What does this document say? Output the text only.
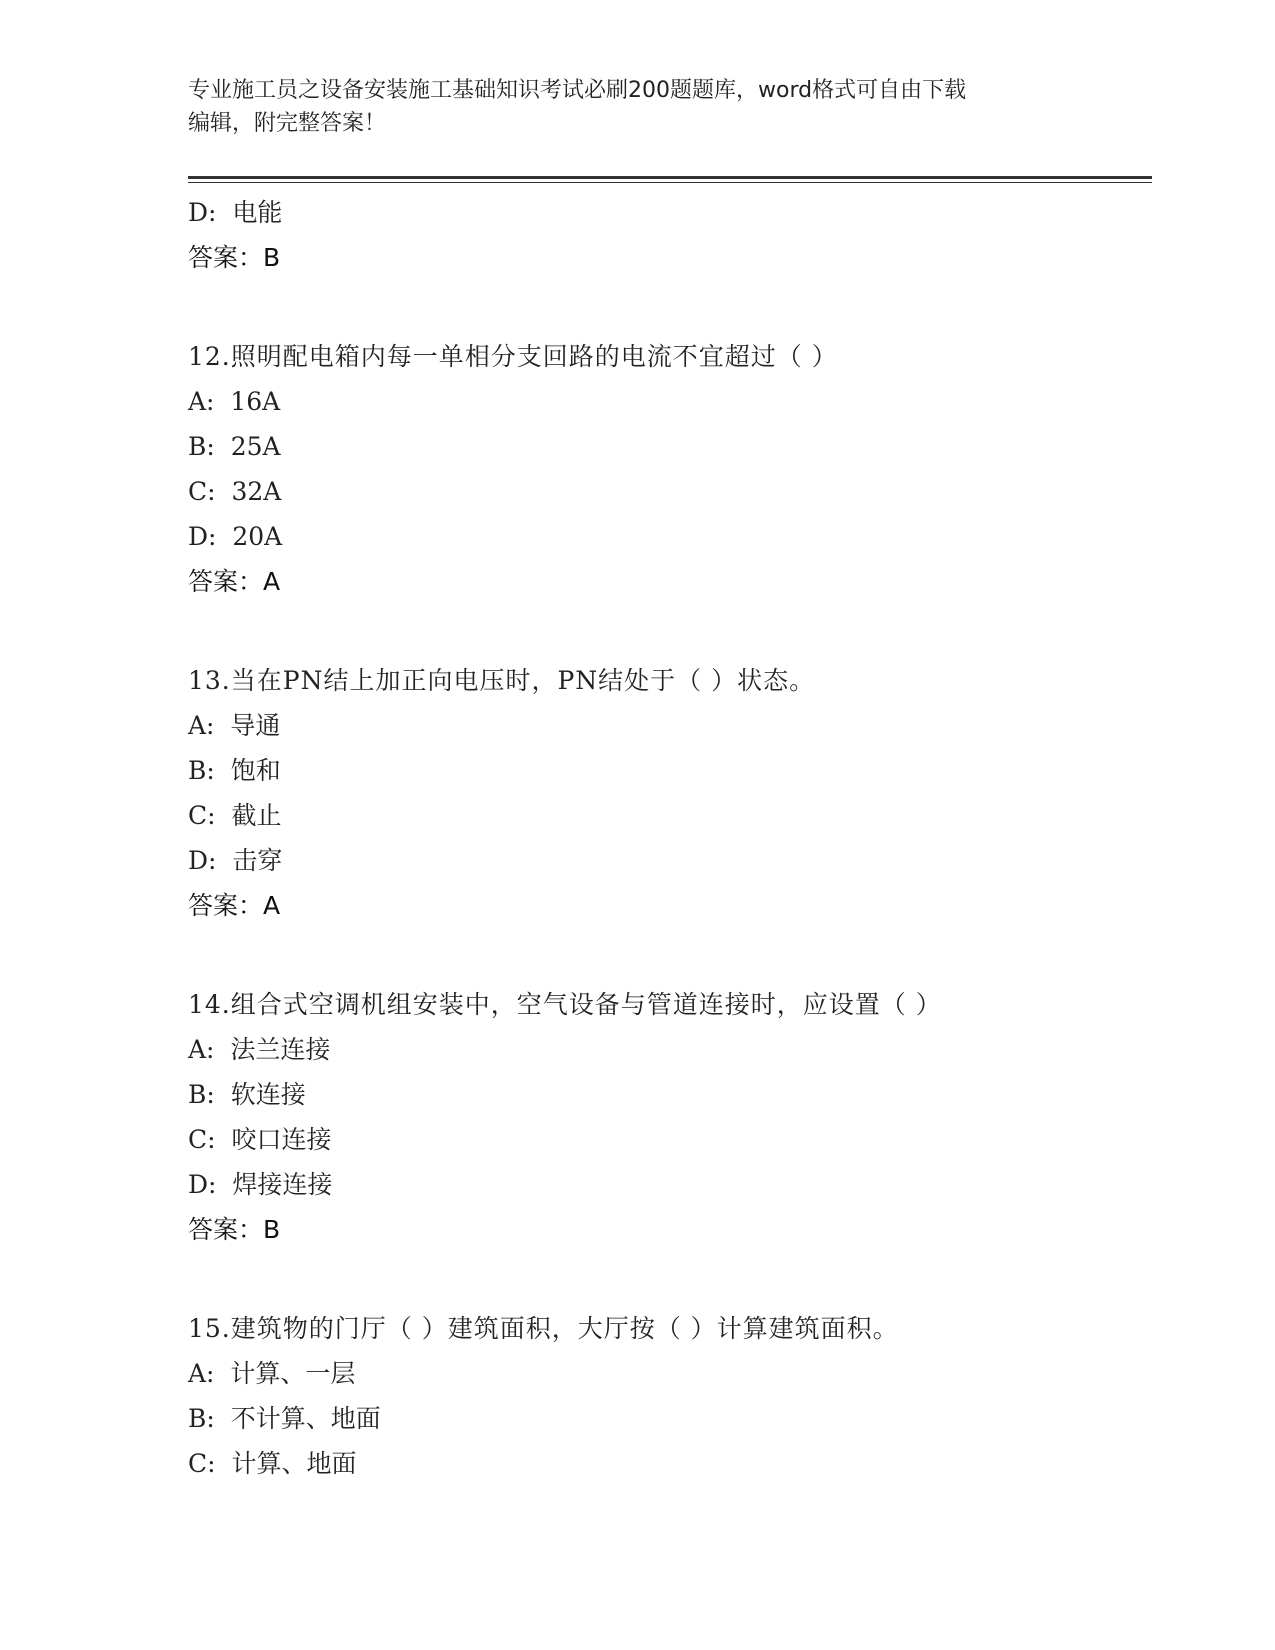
专业施工员之设备安装施工基础知识考试必刷200题题库，word格式可自由下载
编辑，附完整答案！
D:  电能
答案：B
12.照明配电箱内每一单相分支回路的电流不宜超过（ ）
A:  16A
B:  25A
C:  32A
D:  20A
答案：A
13.当在PN结上加正向电压时，PN结处于（ ）状态。
A:  导通
B:  饱和
C:  截止
D:  击穿
答案：A
14.组合式空调机组安装中，空气设备与管道连接时，应设置（ ）
A:  法兰连接
B:  软连接
C:  咬口连接
D:  焊接连接
答案：B
15.建筑物的门厅（ ）建筑面积，大厅按（ ）计算建筑面积。
A:  计算、一层
B:  不计算、地面
C:  计算、地面
